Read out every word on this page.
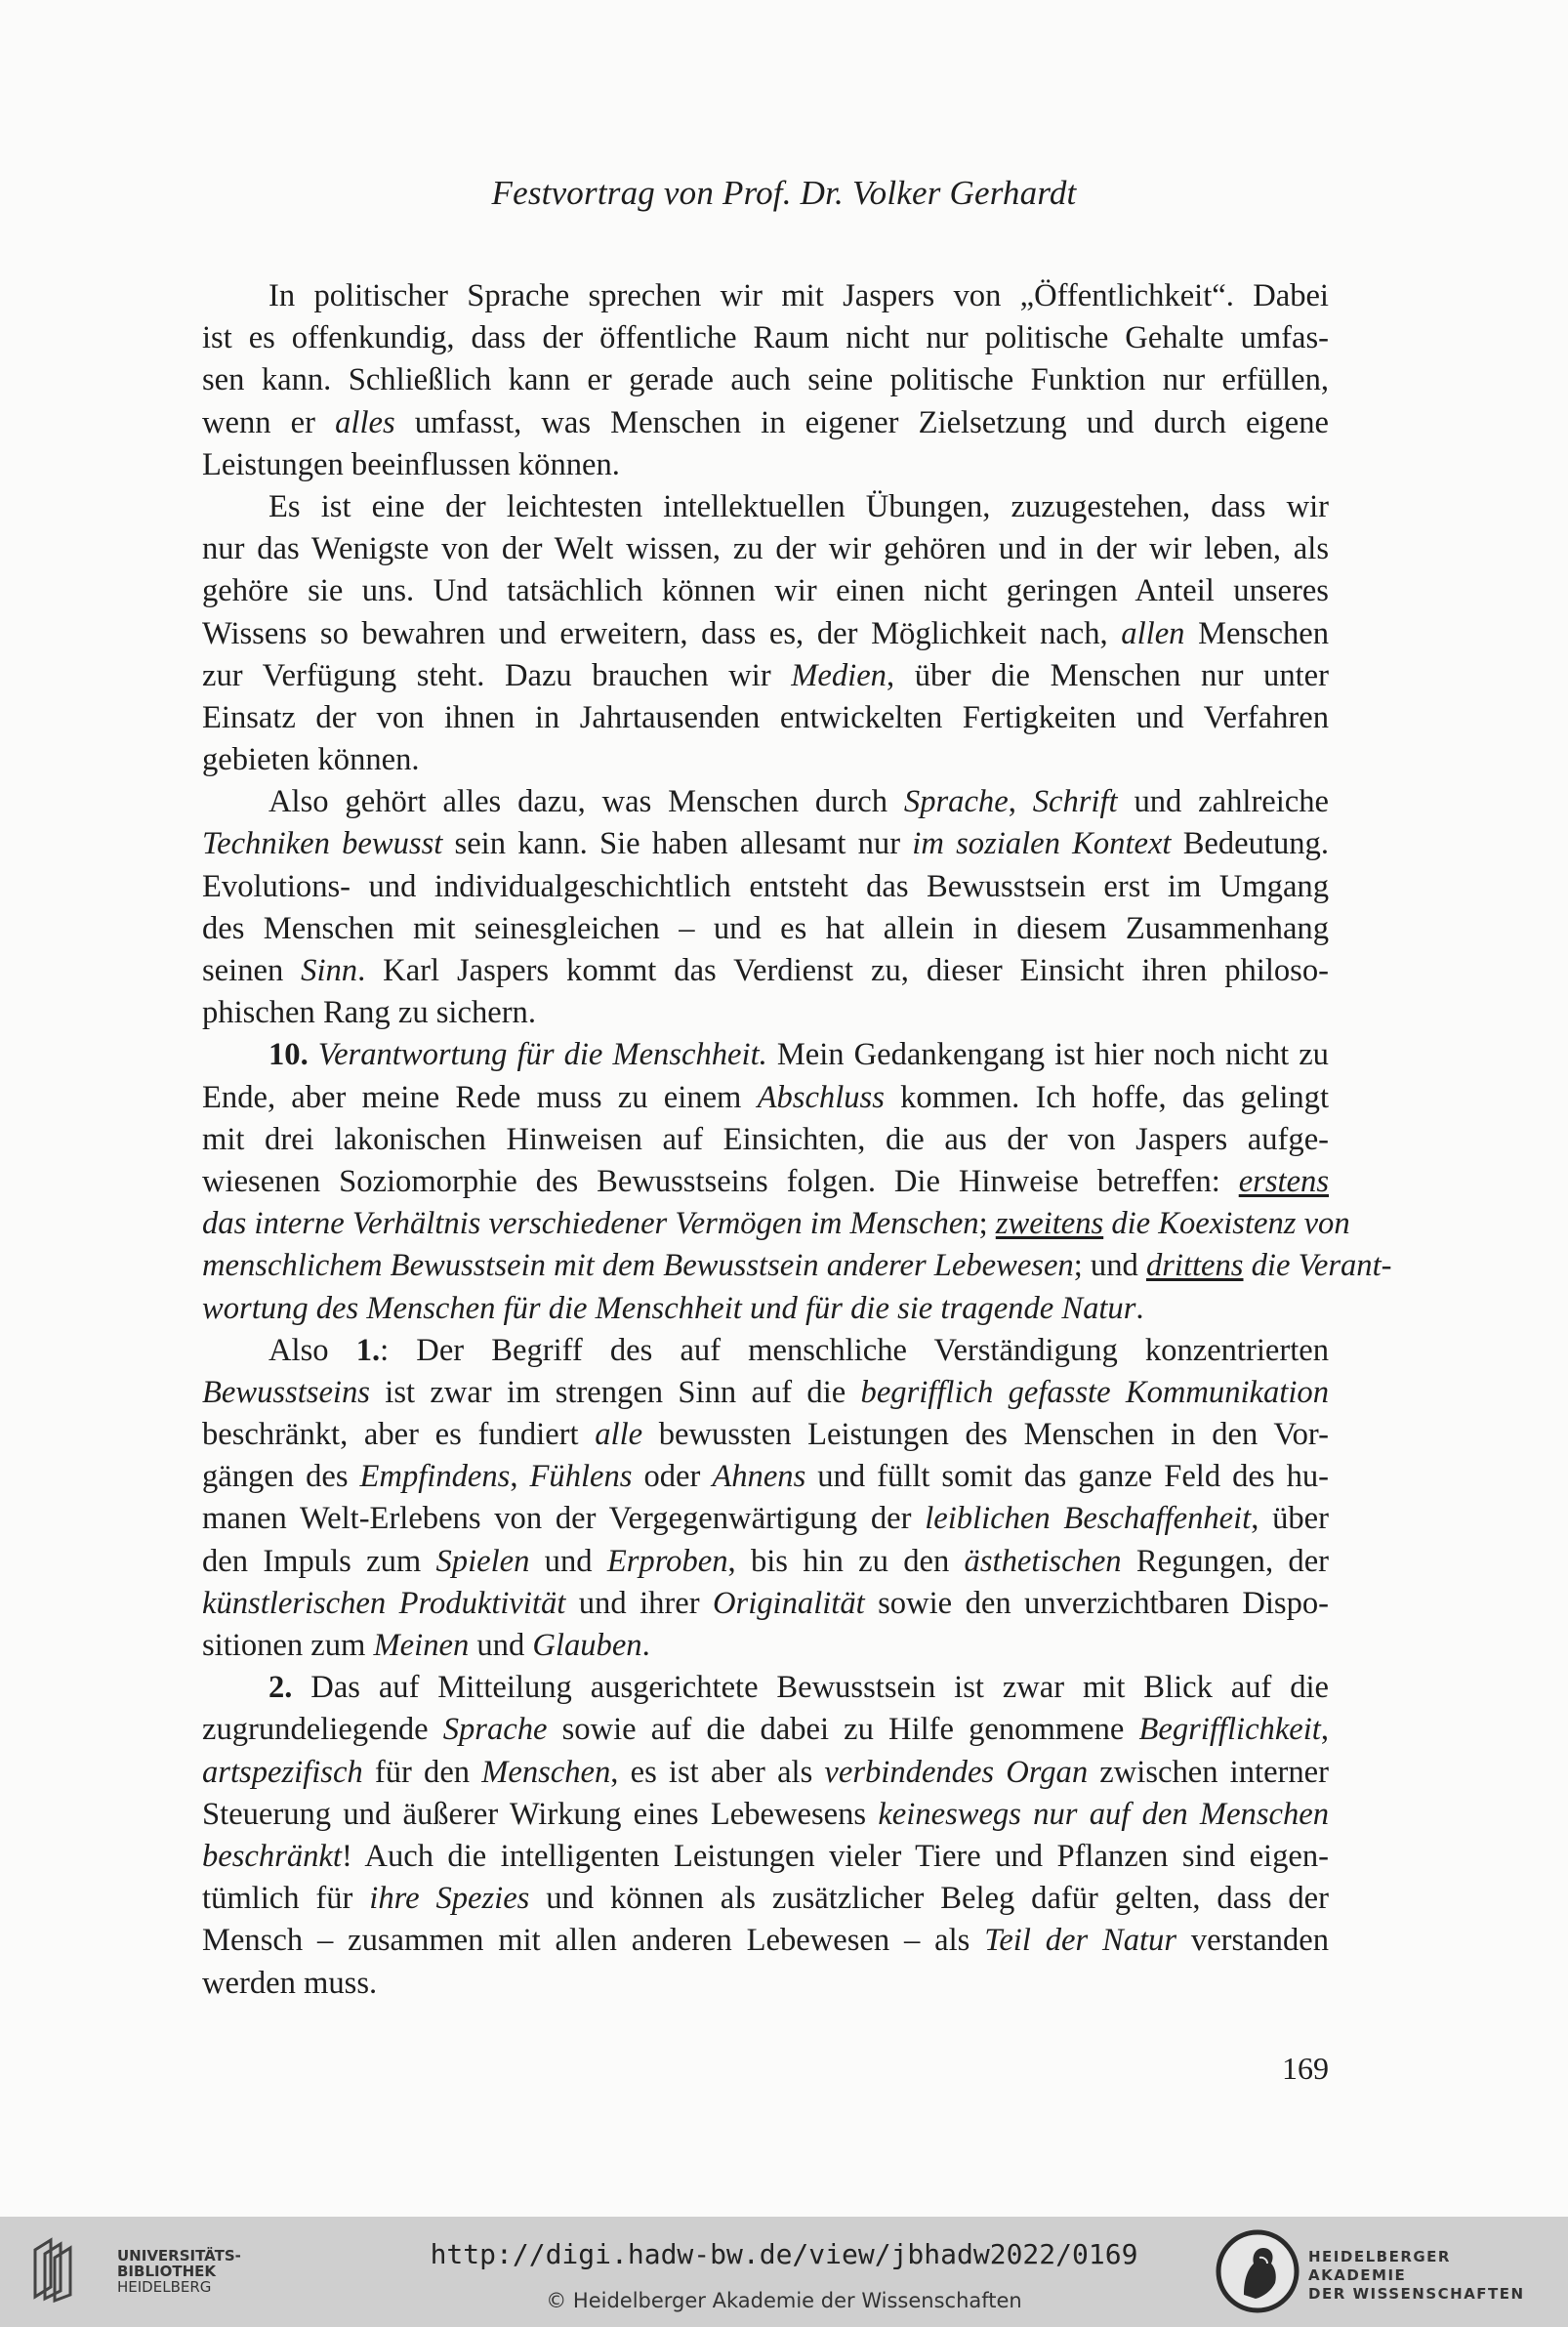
Festvortrag von Prof. Dr. Volker Gerhardt
In politischer Sprache sprechen wir mit Jaspers von „Öffentlichkeit“. Dabei
ist es offenkundig, dass der öffentliche Raum nicht nur politische Gehalte umfas-
sen kann. Schließlich kann er gerade auch seine politische Funktion nur erfüllen,
wenn er alles umfasst, was Menschen in eigener Zielsetzung und durch eigene
Leistungen beeinflussen können.
Es ist eine der leichtesten intellektuellen Übungen, zuzugestehen, dass wir
nur das Wenigste von der Welt wissen, zu der wir gehören und in der wir leben, als
gehöre sie uns. Und tatsächlich können wir einen nicht geringen Anteil unseres
Wissens so bewahren und erweitern, dass es, der Möglichkeit nach, allen Menschen
zur Verfügung steht. Dazu brauchen wir Medien, über die Menschen nur unter
Einsatz der von ihnen in Jahrtausenden entwickelten Fertigkeiten und Verfahren
gebieten können.
Also gehört alles dazu, was Menschen durch Sprache, Schrift und zahlreiche
Techniken bewusst sein kann. Sie haben allesamt nur im sozialen Kontext Bedeutung.
Evolutions- und individualgeschichtlich entsteht das Bewusstsein erst im Umgang
des Menschen mit seinesgleichen – und es hat allein in diesem Zusammenhang
seinen Sinn. Karl Jaspers kommt das Verdienst zu, dieser Einsicht ihren philoso-
phischen Rang zu sichern.
10. Verantwortung für die Menschheit. Mein Gedankengang ist hier noch nicht zu
Ende, aber meine Rede muss zu einem Abschluss kommen. Ich hoffe, das gelingt
mit drei lakonischen Hinweisen auf Einsichten, die aus der von Jaspers aufge-
wiesenen Soziomorphie des Bewusstseins folgen. Die Hinweise betreffen: erstens
das interne Verhältnis verschiedener Vermögen im Menschen; zweitens die Koexistenz von
menschlichem Bewusstsein mit dem Bewusstsein anderer Lebewesen; und drittens die Verant-
wortung des Menschen für die Menschheit und für die sie tragende Natur.
Also 1.: Der Begriff des auf menschliche Verständigung konzentrierten
Bewusstseins ist zwar im strengen Sinn auf die begrifflich gefasste Kommunikation
beschränkt, aber es fundiert alle bewussten Leistungen des Menschen in den Vor-
gängen des Empfindens, Fühlens oder Ahnens und füllt somit das ganze Feld des hu-
manen Welt-Erlebens von der Vergegenwärtigung der leiblichen Beschaffenheit, über
den Impuls zum Spielen und Erproben, bis hin zu den ästhetischen Regungen, der
künstlerischen Produktivität und ihrer Originalität sowie den unverzichtbaren Dispo-
sitionen zum Meinen und Glauben.
2. Das auf Mitteilung ausgerichtete Bewusstsein ist zwar mit Blick auf die
zugrundeliegende Sprache sowie auf die dabei zu Hilfe genommene Begrifflichkeit,
artspezifisch für den Menschen, es ist aber als verbindendes Organ zwischen interner
Steuerung und äußerer Wirkung eines Lebewesens keineswegs nur auf den Menschen
beschränkt! Auch die intelligenten Leistungen vieler Tiere und Pflanzen sind eigen-
tümlich für ihre Spezies und können als zusätzlicher Beleg dafür gelten, dass der
Mensch – zusammen mit allen anderen Lebewesen – als Teil der Natur verstanden
werden muss.
169
UNIVERSITÄTS-
BIBLIOTHEK
HEIDELBERG
http://digi.hadw-bw.de/view/jbhadw2022/0169
© Heidelberger Akademie der Wissenschaften
HEIDELBERGER AKADEMIE
DER WISSENSCHAFTEN
